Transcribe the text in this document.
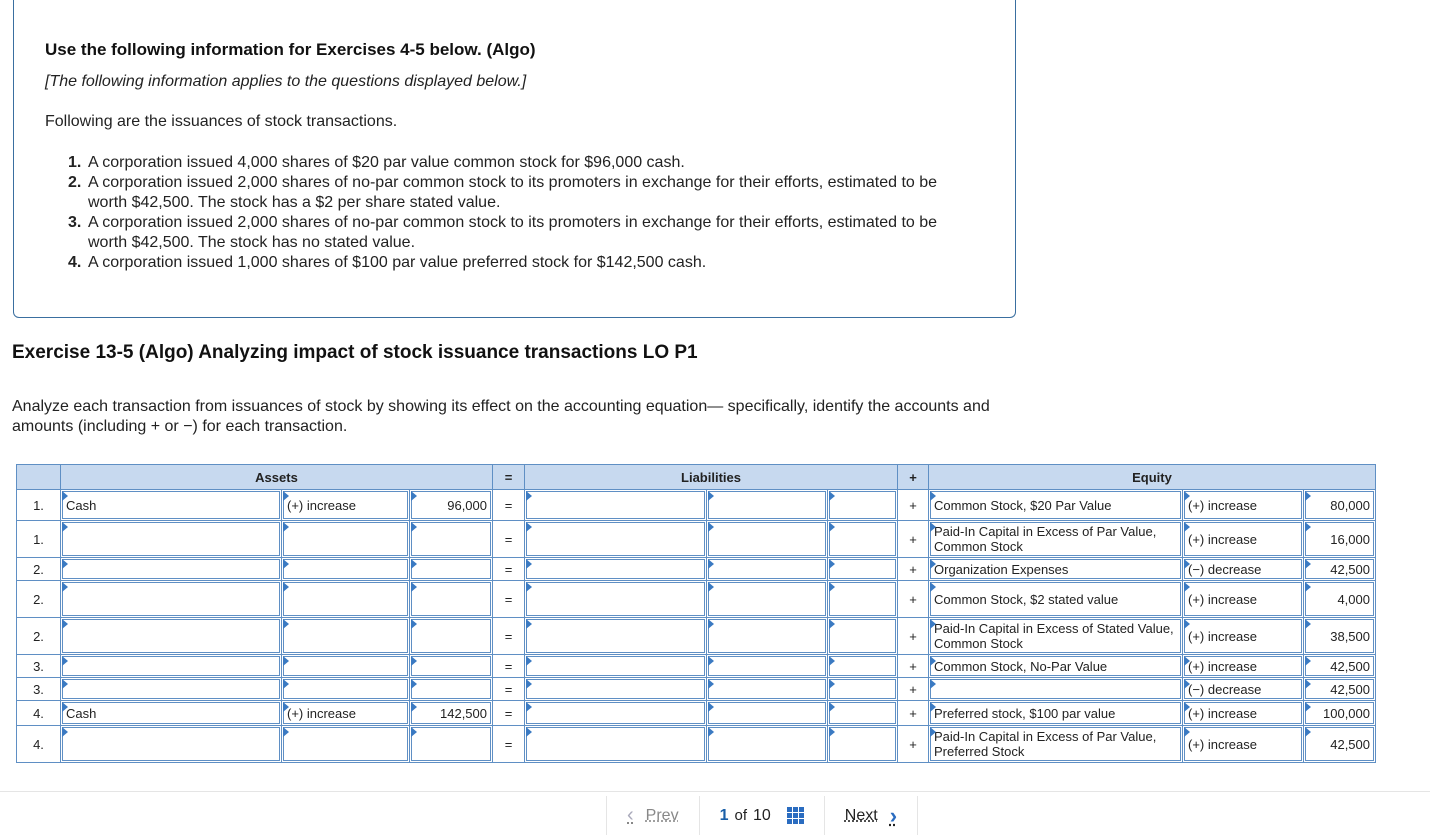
Use the following information for Exercises 4-5 below. (Algo)
[The following information applies to the questions displayed below.]
Following are the issuances of stock transactions.
1. A corporation issued 4,000 shares of $20 par value common stock for $96,000 cash.
2. A corporation issued 2,000 shares of no-par common stock to its promoters in exchange for their efforts, estimated to be worth $42,500. The stock has a $2 per share stated value.
3. A corporation issued 2,000 shares of no-par common stock to its promoters in exchange for their efforts, estimated to be worth $42,500. The stock has no stated value.
4. A corporation issued 1,000 shares of $100 par value preferred stock for $142,500 cash.
Exercise 13-5 (Algo) Analyzing impact of stock issuance transactions LO P1
Analyze each transaction from issuances of stock by showing its effect on the accounting equation— specifically, identify the accounts and amounts (including + or −) for each transaction.
	Assets			=	Liabilities			+	Equity		
1.	Cash	(+) increase	96,000	=				+	Common Stock, $20 Par Value	(+) increase	80,000

1.				=				+	Paid-In Capital in Excess of Par Value, Common Stock	(+) increase	16,000

2.				=				+	Organization Expenses	(−) decrease	42,500

2.				=				+	Common Stock, $2 stated value	(+) increase	4,000

2.				=				+	Paid-In Capital in Excess of Stated Value, Common Stock	(+) increase	38,500

3.				=				+	Common Stock, No-Par Value	(+) increase	42,500

3.				=				+		(−) decrease	42,500

4.	Cash	(+) increase	142,500	=				+	Preferred stock, $100 par value	(+) increase	100,000

4.				=				+	Paid-In Capital in Excess of Par Value, Preferred Stock	(+) increase	42,500
‹ Prev	1 of 10	Next ›
